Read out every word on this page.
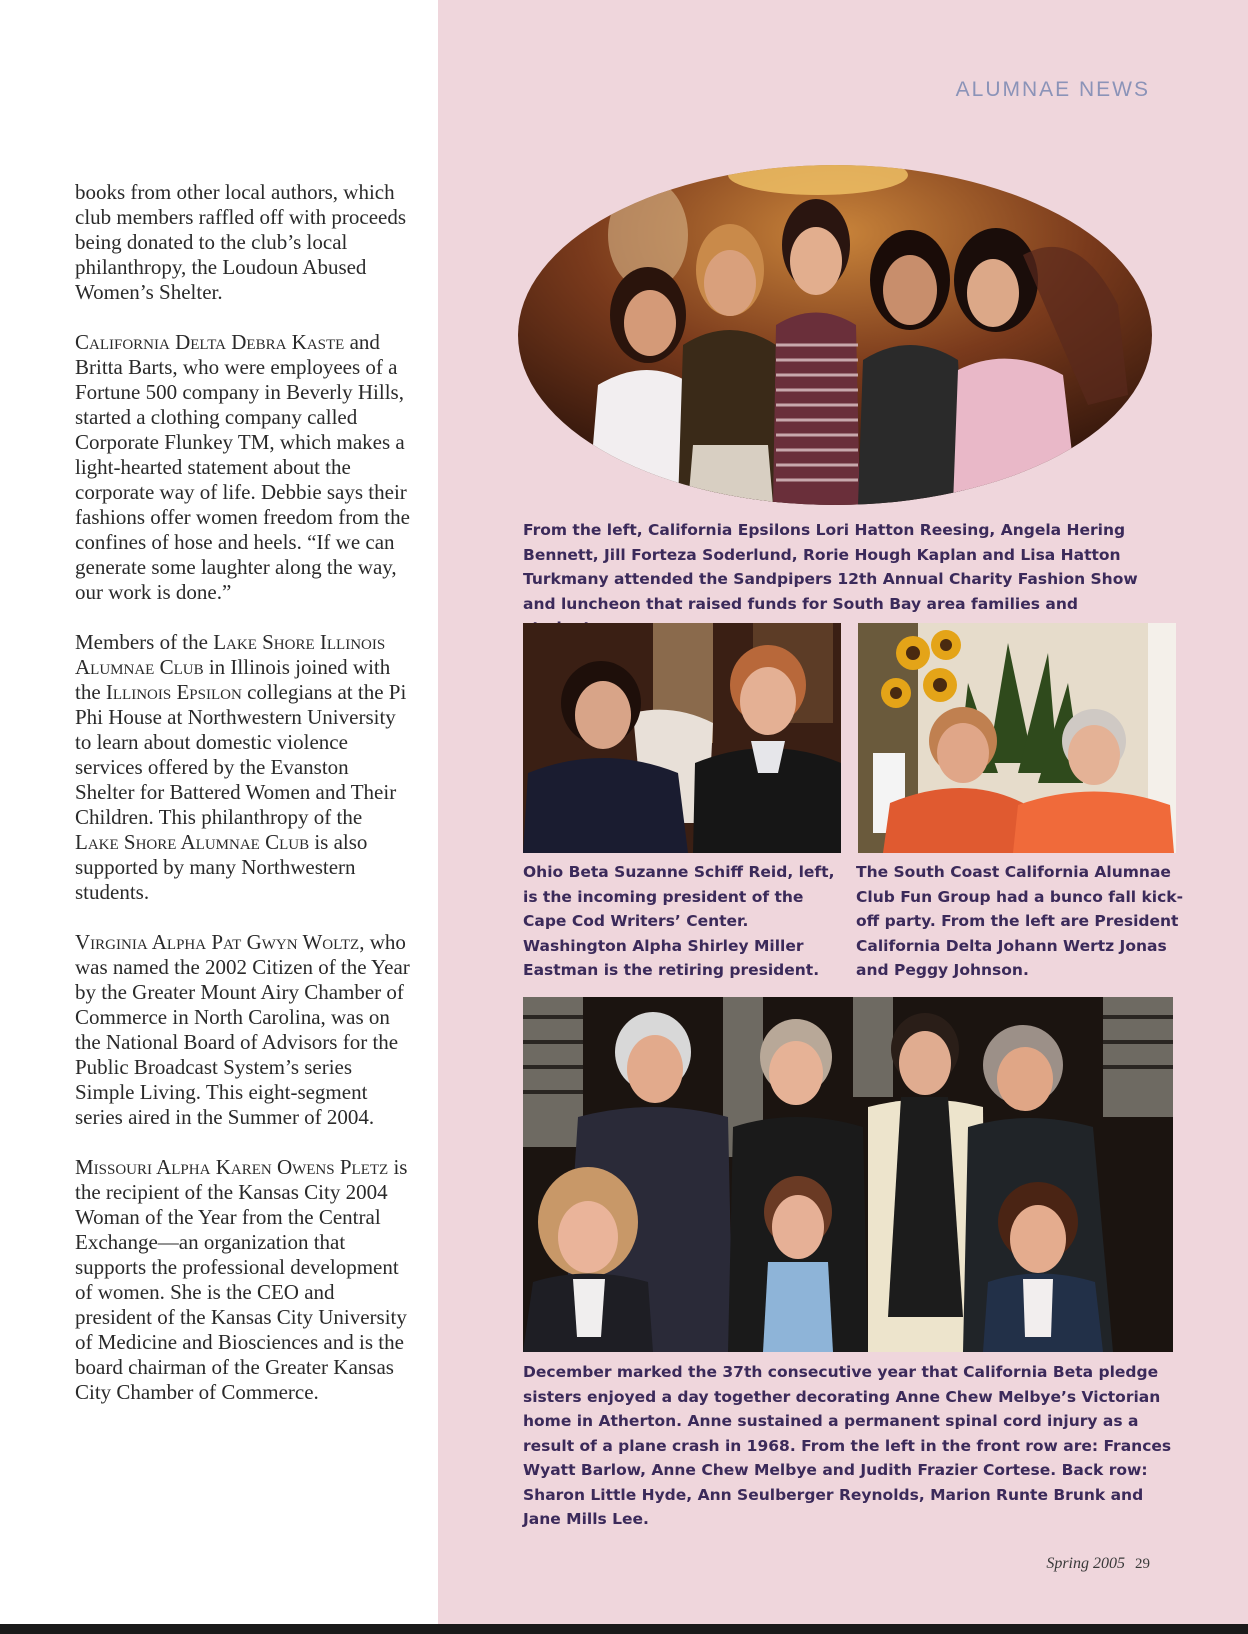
books from other local authors, which club members raffled off with proceeds being donated to the club’s local philanthropy, the Loudoun Abused Women’s Shelter.

California Delta Debra Kaste and Britta Barts, who were employees of a Fortune 500 company in Beverly Hills, started a clothing company called Corporate Flunkey TM, which makes a light-hearted statement about the corporate way of life. Debbie says their fashions offer women freedom from the confines of hose and heels. “If we can generate some laughter along the way, our work is done.”

Members of the Lake Shore Illinois Alumnae Club in Illinois joined with the Illinois Epsilon collegians at the Pi Phi House at Northwestern University to learn about domestic violence services offered by the Evanston Shelter for Battered Women and Their Children. This philanthropy of the Lake Shore Alumnae Club is also supported by many Northwestern students.

Virginia Alpha Pat Gwyn Woltz, who was named the 2002 Citizen of the Year by the Greater Mount Airy Chamber of Commerce in North Carolina, was on the National Board of Advisors for the Public Broadcast System’s series Simple Living. This eight-segment series aired in the Summer of 2004.

Missouri Alpha Karen Owens Pletz is the recipient of the Kansas City 2004 Woman of the Year from the Central Exchange—an organization that supports the professional development of women. She is the CEO and president of the Kansas City University of Medicine and Biosciences and is the board chairman of the Greater Kansas City Chamber of Commerce.

ALUMNAE NEWS
From the left, California Epsilons Lori Hatton Reesing, Angela Hering Bennett, Jill Forteza Soderlund, Rorie Hough Kaplan and Lisa Hatton Turkmany attended the Sandpipers 12th Annual Charity Fashion Show and luncheon that raised funds for South Bay area families and
Ohio Beta Suzanne Schiff Reid, left, is the incoming president of the Cape Cod Writers’ Center. Washington Alpha Shirley Miller Eastman is the retiring president.
The South Coast California Alumnae Club Fun Group had a bunco fall kick-off party. From the left are President California Delta Johann Wertz Jonas and Peggy Johnson.
December marked the 37th consecutive year that California Beta pledge sisters enjoyed a day together decorating Anne Chew Melbye’s Victorian home in Atherton. Anne sustained a permanent spinal cord injury as a result of a plane crash in 1968. From the left in the front row are: Frances Wyatt Barlow, Anne Chew Melbye and Judith Frazier Cortese. Back row: Sharon Little Hyde, Ann Seulberger Reynolds, Marion Runte Brunk and Jane Mills Lee.
Spring 2005 29
